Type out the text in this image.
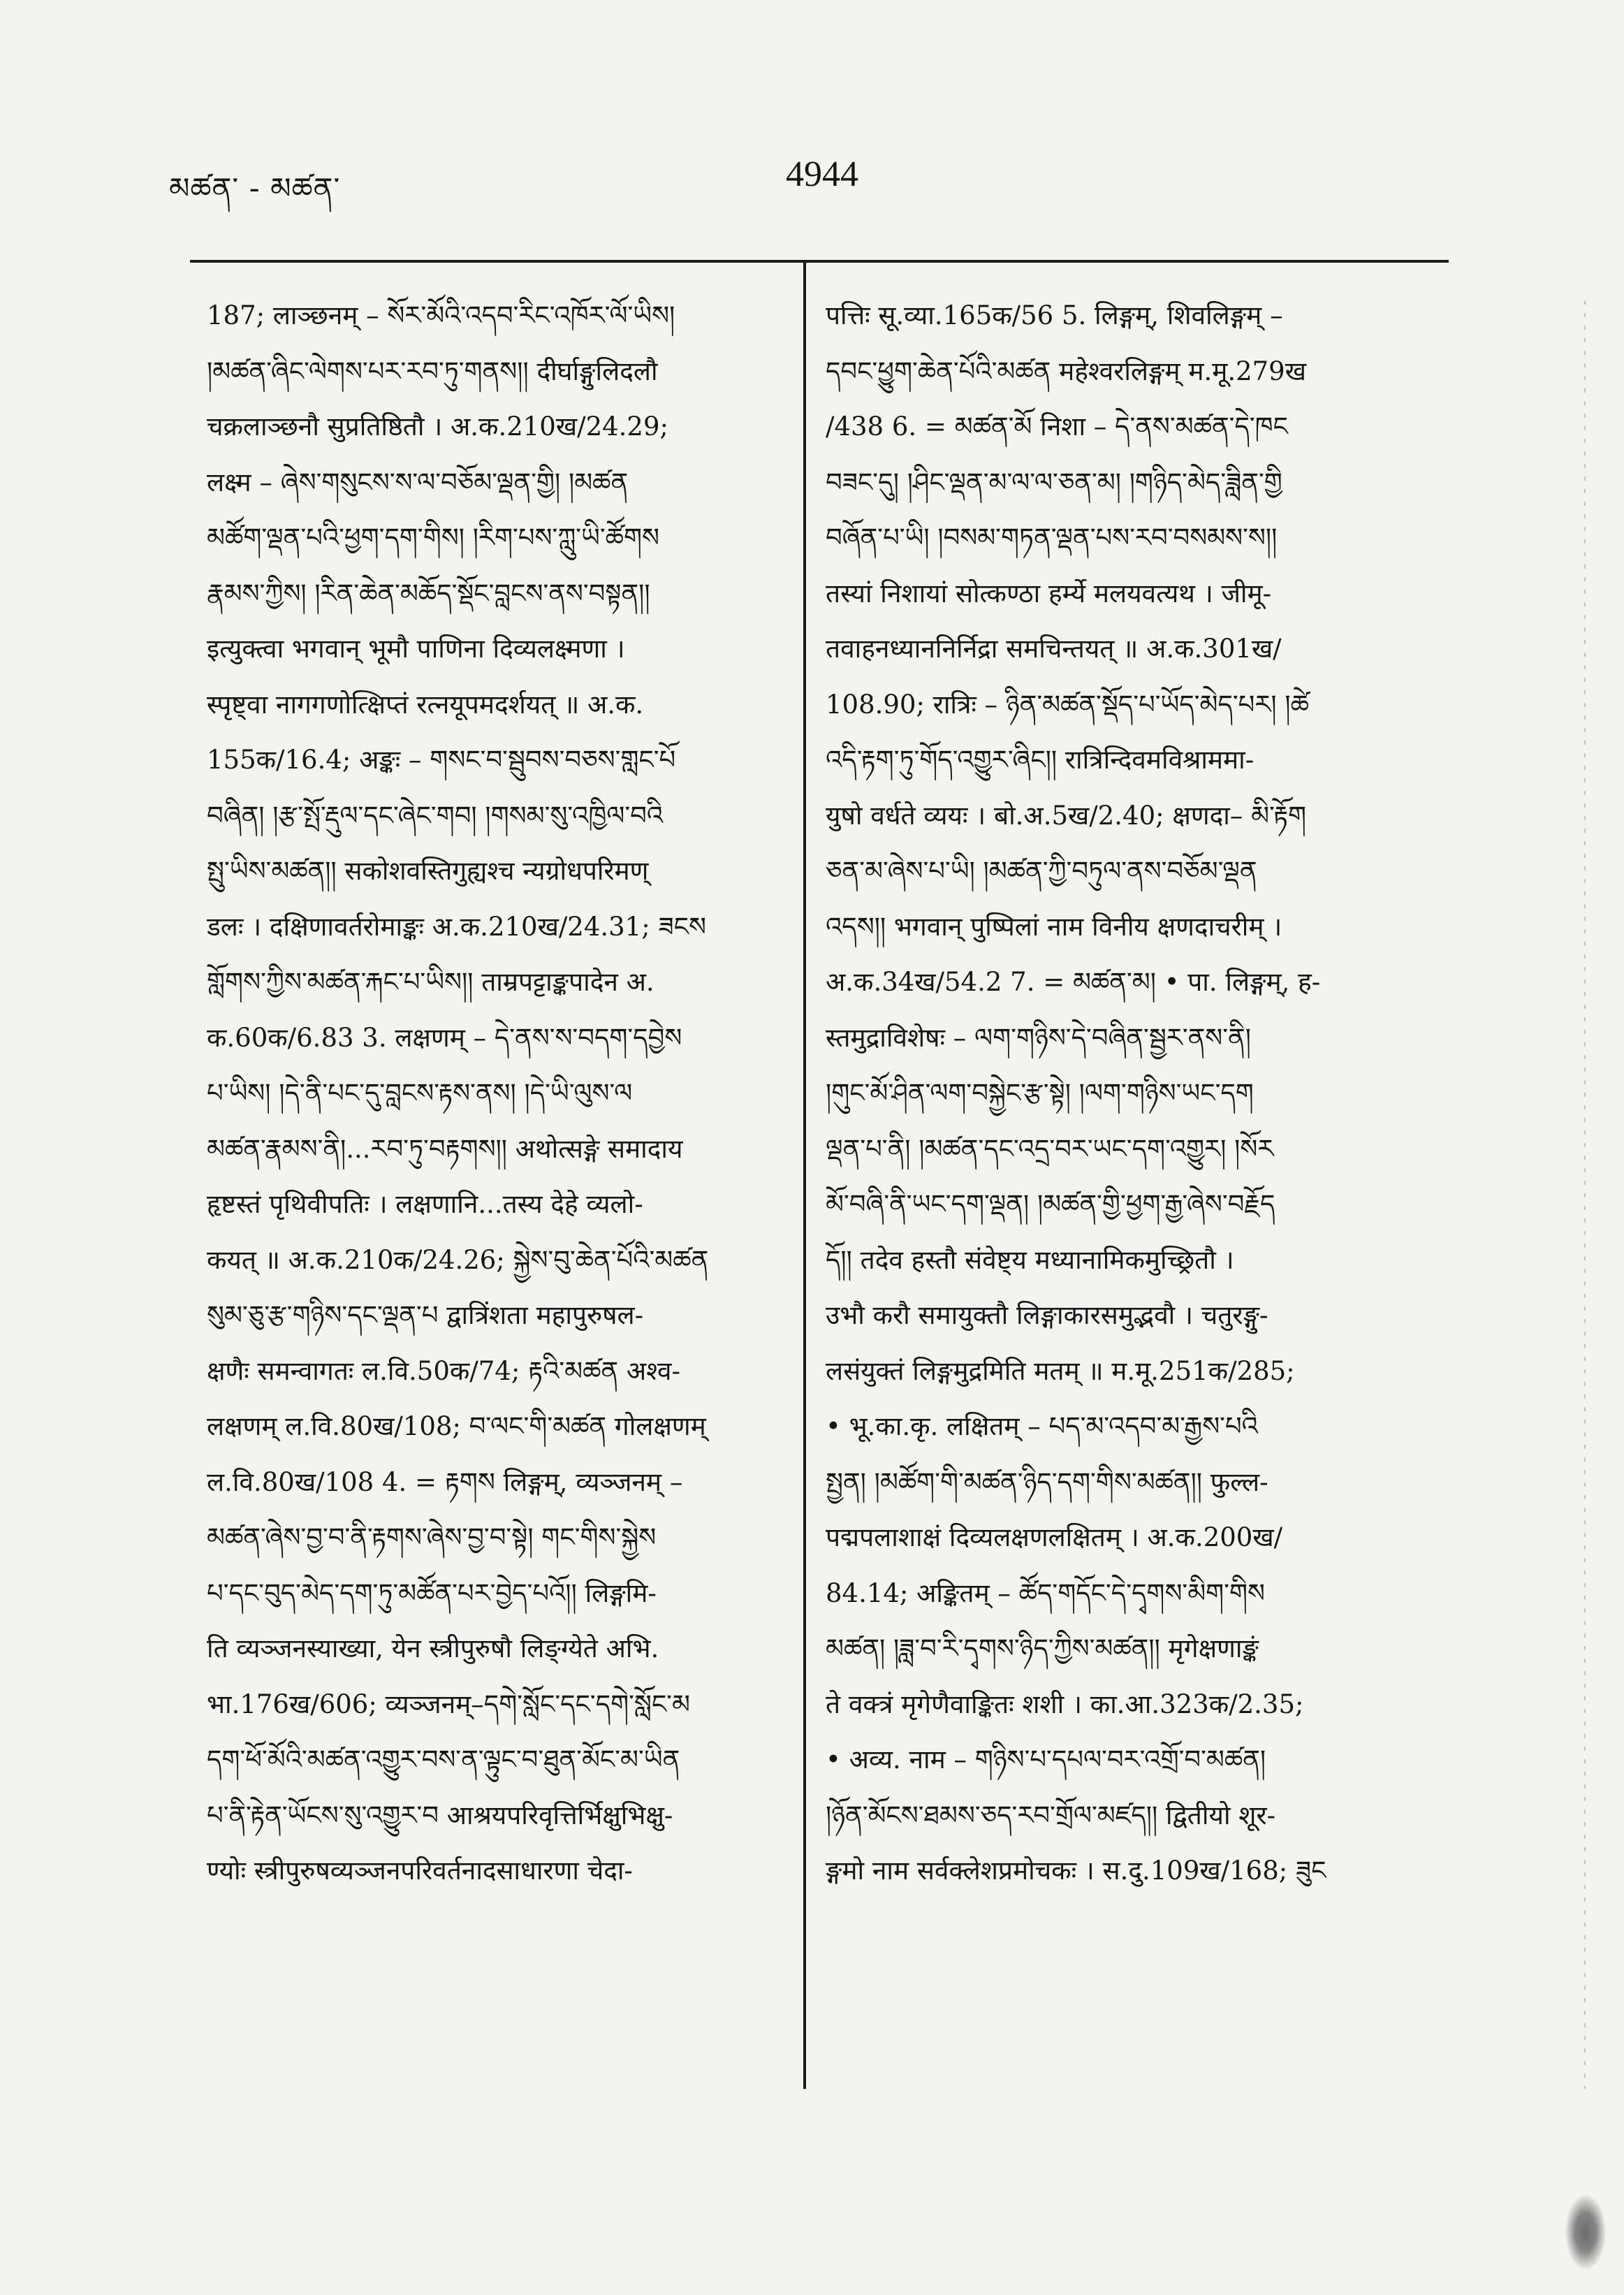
མཚན་ - མཚན་	4944
187; लाञ्छनम् – སོར་མོའི་འདབ་རིང་འཁོར་ལོ་ཡིས།
།མཚན་ཞིང་ལེགས་པར་རབ་ཏུ་གནས།། दीर्घाङ्गुलिदलौ
चक्रलाञ्छनौ सुप्रतिष्ठितौ । अ.क.210ख/24.29;
लक्ष्म – ཞེས་གསུངས་ས་ལ་བཅོམ་ལྡན་གྱི། །མཚན
མཚོག་ལྡན་པའི་ཕྱག་དག་གིས། །རིག་པས་ཀླུ་ཡི་ཚོགས
རྣམས་ཀྱིས། །རིན་ཆེན་མཆོད་སྡོང་བླངས་ནས་བསྟན།།
इत्युक्त्वा भगवान् भूमौ पाणिना दिव्यलक्ष्मणा ।
स्पृष्ट्वा नागगणोत्क्षिप्तं रत्नयूपमदर्शयत् ॥ अ.क.
155क/16.4; अङ्कः – གསང་བ་སྦུབས་བཅས་གླང་པོ
བཞིན། །རྩ་སྤོ་རྡུལ་དང་ཞེང་གབ། །གསམ་སུ་འཁྱིལ་བའི
སྤུ་ཡིས་མཚན།། सकोशवस्तिगुह्यश्च न्यग्रोधपरिमण्
डलः । दक्षिणावर्तरोमाङ्कः अ.क.210ख/24.31; ཟངས
གློགས་ཀྱིས་མཚན་རྐང་པ་ཡིས།། ताम्रपट्टाङ्कपादेन अ.
क.60क/6.83 3. लक्षणम् – དེ་ནས་ས་བདག་དབྱེས
པ་ཡིས། །དེ་ནི་པང་དུ་བླངས་རྟས་ནས། །དེ་ཡི་ལུས་ལ
མཚན་རྣམས་ནི།...རབ་ཏུ་བརྟགས།། अथोत्सङ्गे समादाय
हृष्टस्तं पृथिवीपतिः । लक्षणानि...तस्य देहे व्यलो-
कयत् ॥ अ.क.210क/24.26; སྐྱེས་བུ་ཆེན་པོའི་མཚན
སུམ་ཅུ་རྩ་གཉིས་དང་ལྡན་པ द्वात्रिंशता महापुरुषल-
क्षणैः समन्वागतः ल.वि.50क/74; རྟའི་མཚན अश्व-
लक्षणम् ल.वि.80ख/108; བ་ལང་གི་མཚན गोलक्षणम्
ल.वि.80ख/108 4. = རྟགས लिङ्गम्, व्यञ्जनम् –
མཚན་ཞེས་བྱ་བ་ནི་རྟགས་ཞེས་བྱ་བ་སྟེ། གང་གིས་སྐྱེས
པ་དང་བུད་མེད་དག་ཏུ་མཚོན་པར་བྱེད་པའོ།། लिङ्गमि-
ति व्यञ्जनस्याख्या, येन स्त्रीपुरुषौ लिङ्ग्येते अभि.
भा.176ख/606; व्यञ्जनम्–དགེ་སློང་དང་དགེ་སློང་མ
དག་ཕོ་མོའི་མཚན་འགྱུར་བས་ན་ལྟུང་བ་ཐུན་མོང་མ་ཡིན
པ་ནི་རྟེན་ཡོངས་སུ་འགྱུར་བ आश्रयपरिवृत्तिर्भिक्षुभिक्षु-
ण्योः स्त्रीपुरुषव्यञ्जनपरिवर्तनादसाधारणा चेदा-
पत्तिः सू.व्या.165क/56 5. लिङ्गम्, शिवलिङ्गम् –
དབང་ཕྱུག་ཆེན་པོའི་མཚན महेश्वरलिङ्गम् म.मू.279ख
/438 6. = མཚན་མོ निशा – དེ་ནས་མཚན་དེ་ཁང
བཟང་དུ། །ཤིང་ལྡན་མ་ལ་ལ་ཅན་མ། །གཉིད་མེད་ཟླིན་གྱི
བཞོན་པ་ཡི། །བསམ་གཏན་ལྡན་པས་རབ་བསམས་ས།།
तस्यां निशायां सोत्कण्ठा हर्म्ये मलयवत्यथ । जीमू-
तवाहनध्याननिर्निद्रा समचिन्तयत् ॥ अ.क.301ख/
108.90; रात्रिः – ཉིན་མཚན་སྡོད་པ་ཡོད་མེད་པར། །ཚེ
འདི་རྟག་ཏུ་གོད་འགྱུར་ཞིང།། रात्रिन्दिवमविश्राममा-
युषो वर्धते व्ययः । बो.अ.5ख/2.40; क्षणदा– མི་རྟོག
ཅན་མ་ཞེས་པ་ཡི། །མཚན་ཀྱི་བཏུལ་ནས་བཅོམ་ལྡན
འདས།། भगवान् पुष्पिलां नाम विनीय क्षणदाचरीम् ।
अ.क.34ख/54.2 7. = མཚན་མ། • पा. लिङ्गम्, ह-
स्तमुद्राविशेषः – ལག་གཉིས་དེ་བཞིན་སྦྱར་ནས་ནི།
།གུང་མོ་ཤིན་ལག་བསྐྱེང་རྩ་སྟེ། །ལག་གཉིས་ཡང་དག
ལྡན་པ་ནི། །མཚན་དང་འདྲ་བར་ཡང་དག་འགྱུར། །སོར
མོ་བཞི་ནི་ཡང་དག་ལྡན། །མཚན་གྱི་ཕྱག་རྒྱ་ཞེས་བརྗོད
དོ།། तदेव हस्तौ संवेष्ट्य मध्यानामिकमुच्छ्रितौ ।
उभौ करौ समायुक्तौ लिङ्गाकारसमुद्भवौ । चतुरङ्गु-
लसंयुक्तं लिङ्गमुद्रमिति मतम् ॥ म.मू.251क/285;
• भू.का.कृ. लक्षितम् – པད་མ་འདབ་མ་རྒྱས་པའི
སྤྱན། །མཚོག་གི་མཚན་ཉིད་དག་གིས་མཚན།། फुल्ल-
पद्मपलाशाक्षं दिव्यलक्षणलक्षितम् । अ.क.200ख/
84.14; अङ्कितम् – ཚོད་གདོང་དེ་དྭགས་མིག་གིས
མཚན། །ཟླ་བ་རི་དྭགས་ཉིད་ཀྱིས་མཚན།། मृगेक्षणाङ्कं
ते वक्त्रं मृगेणैवाङ्कितः शशी । का.आ.323क/2.35;
• अव्य. नाम – གཉིས་པ་དཔལ་བར་འགྲོ་བ་མཚན།
།ཉོན་མོངས་ཐམས་ཅད་རབ་གྲོལ་མཛད།། द्वितीयो शूर-
ङ्गमो नाम सर्वक्लेशप्रमोचकः । स.दु.109ख/168; ཟུང
